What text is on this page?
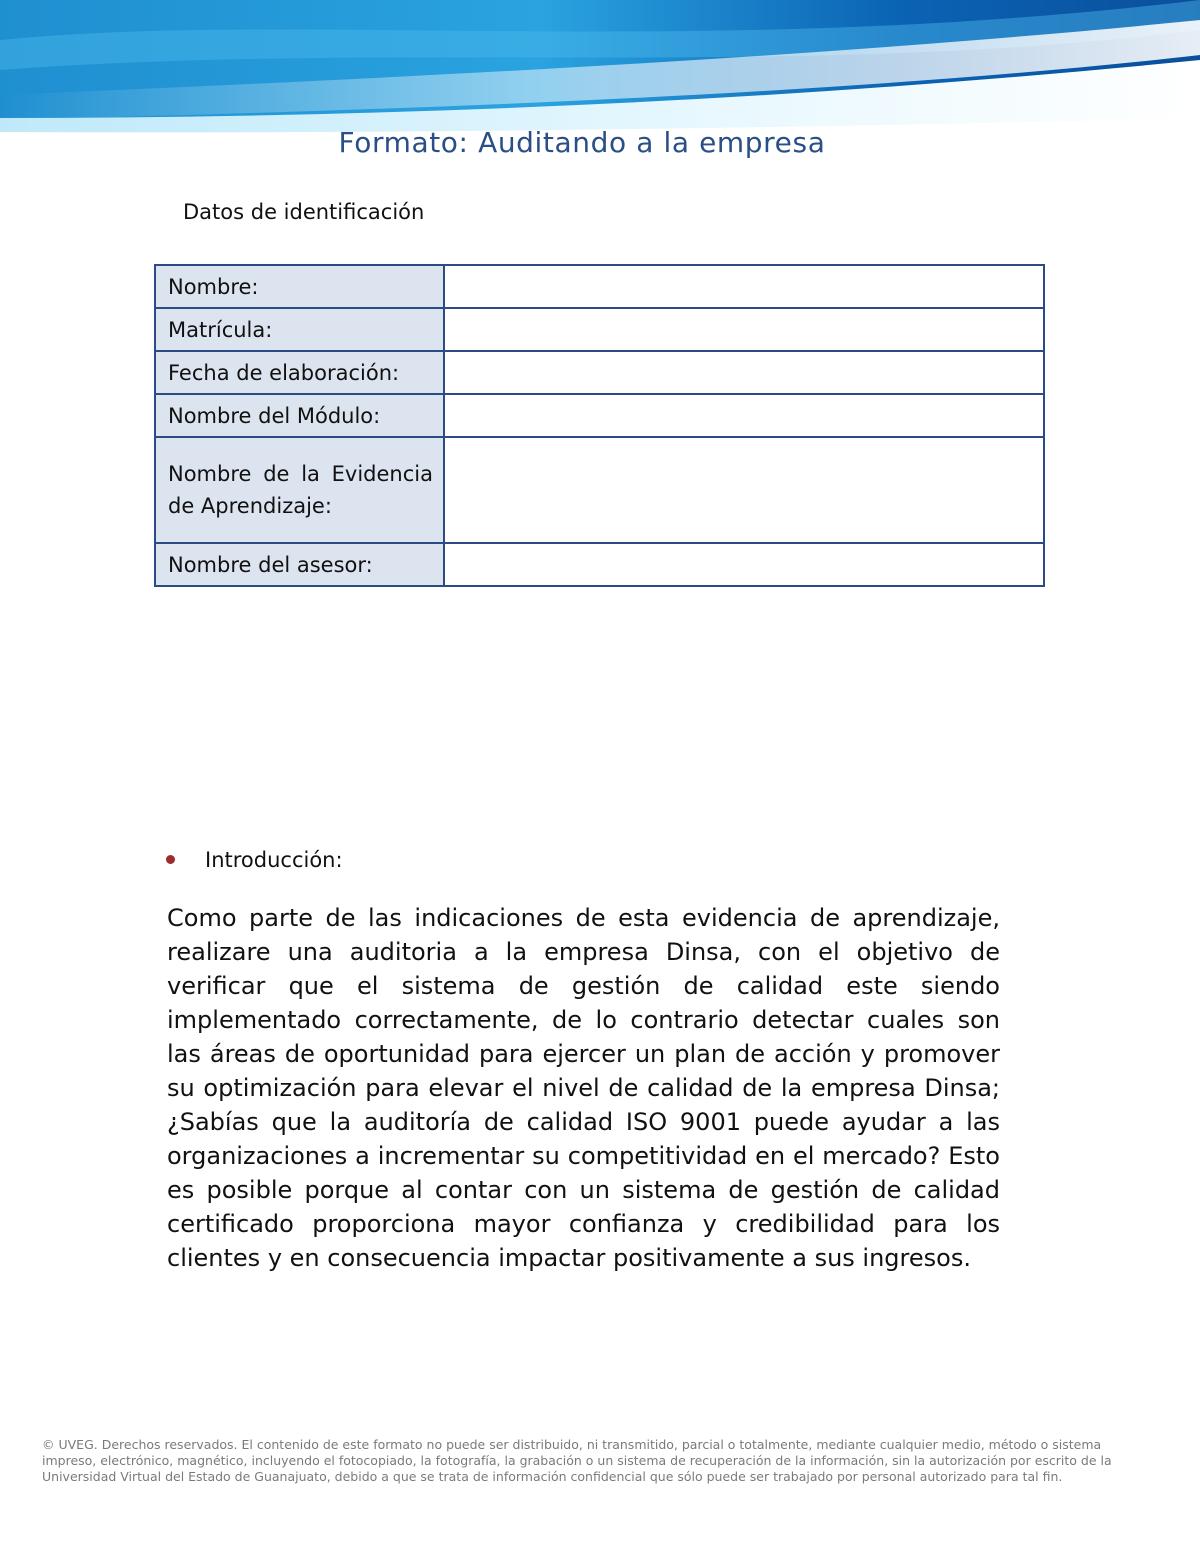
Formato: Auditando a la empresa
Datos de identificación
Nombre:	
Matrícula:	
Fecha de elaboración:	
Nombre del Módulo:	
Nombre de la Evidencia de Aprendizaje:	
Nombre del asesor:	
Introducción:
Como parte de las indicaciones de esta evidencia de aprendizaje, realizare una auditoria a la empresa Dinsa, con el objetivo de verificar que el sistema de gestión de calidad este siendo implementado correctamente, de lo contrario detectar cuales son las áreas de oportunidad para ejercer un plan de acción y promover su optimización para elevar el nivel de calidad de la empresa Dinsa; ¿Sabías que la auditoría de calidad ISO 9001 puede ayudar a las organizaciones a incrementar su competitividad en el mercado? Esto es posible porque al contar con un sistema de gestión de calidad certificado proporciona mayor confianza y credibilidad para los clientes y en consecuencia impactar positivamente a sus ingresos.
© UVEG. Derechos reservados. El contenido de este formato no puede ser distribuido, ni transmitido, parcial o totalmente, mediante cualquier medio, método o sistema impreso, electrónico, magnético, incluyendo el fotocopiado, la fotografía, la grabación o un sistema de recuperación de la información, sin la autorización por escrito de la Universidad Virtual del Estado de Guanajuato, debido a que se trata de información confidencial que sólo puede ser trabajado por personal autorizado para tal fin.
